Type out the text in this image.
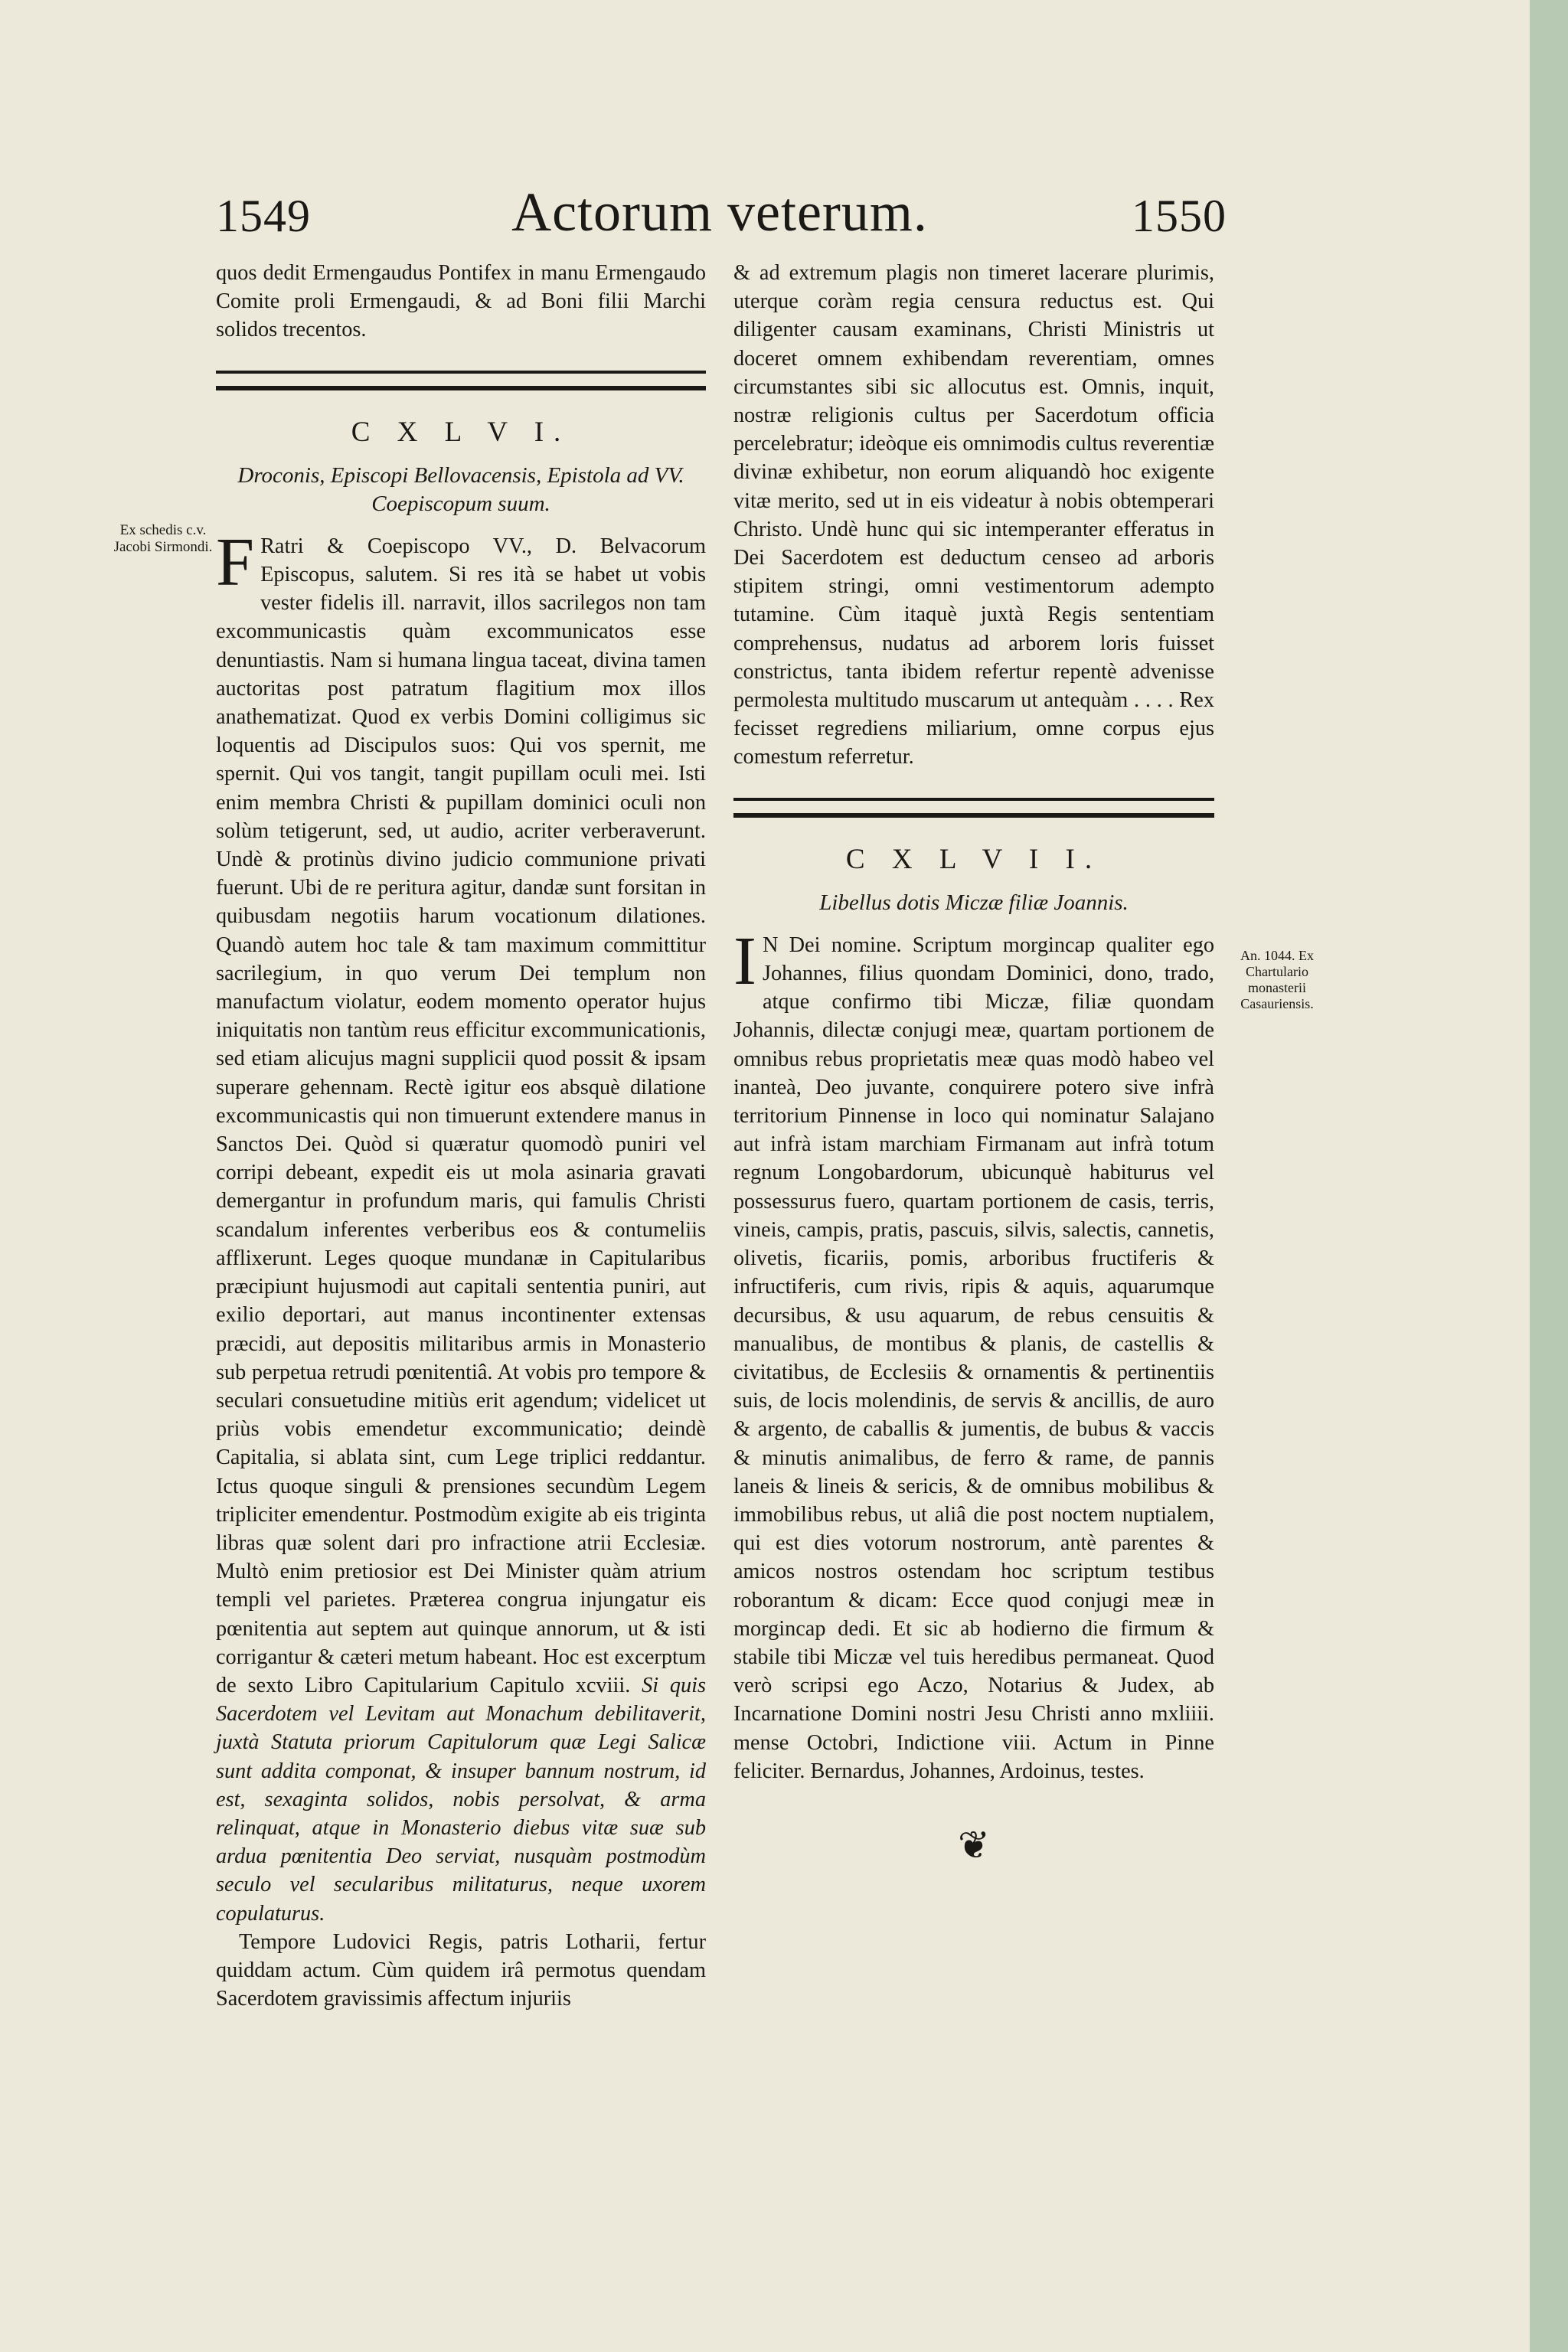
1549	Actorum veterum.	1550
Ex schedis c.v. Jacobi Sirmondi.
An. 1044. Ex Chartulario monasterii Casauriensis.

quos dedit Ermengaudus Pontifex in manu Ermengaudo Comite proli Ermengaudi, & ad Boni filii Marchi solidos trecentos.

C X L V I.
Droconis, Episcopi Bellovacensis, Epistola ad VV. Coepiscopum suum.

F Ratri & Coepiscopo VV., D. Belvacorum Episcopus, salutem. Si res ità se habet ut vobis vester fidelis ill. narravit, illos sacrilegos non tam excommunicastis quàm excommunicatos esse denuntiastis. Nam si humana lingua taceat, divina tamen auctoritas post patratum flagitium mox illos anathematizat. Quod ex verbis Domini colligimus sic loquentis ad Discipulos suos: Qui vos spernit, me spernit. Qui vos tangit, tangit pupillam oculi mei. Isti enim membra Christi & pupillam dominici oculi non solùm tetigerunt, sed, ut audio, acriter verberaverunt. Undè & protinùs divino judicio communione privati fuerunt. Ubi de re peritura agitur, dandæ sunt forsitan in quibusdam negotiis harum vocationum dilationes. Quandò autem hoc tale & tam maximum committitur sacrilegium, in quo verum Dei templum non manufactum violatur, eodem momento operator hujus iniquitatis non tantùm reus efficitur excommunicationis, sed etiam alicujus magni supplicii quod possit & ipsam superare gehennam. Rectè igitur eos absquè dilatione excommunicastis qui non timuerunt extendere manus in Sanctos Dei. Quòd si quæratur quomodò puniri vel corripi debeant, expedit eis ut mola asinaria gravati demergantur in profundum maris, qui famulis Christi scandalum inferentes verberibus eos & contumeliis afflixerunt. Leges quoque mundanæ in Capitularibus præcipiunt hujusmodi aut capitali sententia puniri, aut exilio deportari, aut manus incontinenter extensas præcidi, aut depositis militaribus armis in Monasterio sub perpetua retrudi pœnitentiâ. At vobis pro tempore & seculari consuetudine mitiùs erit agendum; videlicet ut priùs vobis emendetur excommunicatio; deindè Capitalia, si ablata sint, cum Lege triplici reddantur. Ictus quoque singuli & prensiones secundùm Legem tripliciter emendentur. Postmodùm exigite ab eis triginta libras quæ solent dari pro infractione atrii Ecclesiæ. Multò enim pretiosior est Dei Minister quàm atrium templi vel parietes. Præterea congrua injungatur eis pœnitentia aut septem aut quinque annorum, ut & isti corrigantur & cæteri metum habeant. Hoc est excerptum de sexto Libro Capitularium Capitulo xcviii. Si quis Sacerdotem vel Levitam aut Monachum debilitaverit, juxtà Statuta priorum Capitulorum quæ Legi Salicæ sunt addita componat, & insuper bannum nostrum, id est, sexaginta solidos, nobis persolvat, & arma relinquat, atque in Monasterio diebus vitæ suæ sub ardua pœnitentia Deo serviat, nusquàm postmodùm seculo vel secularibus militaturus, neque uxorem copulaturus.

Tempore Ludovici Regis, patris Lotharii, fertur quiddam actum. Cùm quidem irâ permotus quendam Sacerdotem gravissimis affectum injuriis

& ad extremum plagis non timeret lacerare plurimis, uterque coràm regia censura reductus est. Qui diligenter causam examinans, Christi Ministris ut doceret omnem exhibendam reverentiam, omnes circumstantes sibi sic allocutus est. Omnis, inquit, nostræ religionis cultus per Sacerdotum officia percelebratur; ideòque eis omnimodis cultus reverentiæ divinæ exhibetur, non eorum aliquandò hoc exigente vitæ merito, sed ut in eis videatur à nobis obtemperari Christo. Undè hunc qui sic intemperanter efferatus in Dei Sacerdotem est deductum censeo ad arboris stipitem stringi, omni vestimentorum adempto tutamine. Cùm itaquè juxtà Regis sententiam comprehensus, nudatus ad arborem loris fuisset constrictus, tanta ibidem refertur repentè advenisse permolesta multitudo muscarum ut antequàm . . . . Rex fecisset regrediens miliarium, omne corpus ejus comestum referretur.

C X L V I I.
Libellus dotis Miczæ filiæ Joannis.

I N Dei nomine. Scriptum morgincap qualiter ego Johannes, filius quondam Dominici, dono, trado, atque confirmo tibi Miczæ, filiæ quondam Johannis, dilectæ conjugi meæ, quartam portionem de omnibus rebus proprietatis meæ quas modò habeo vel inanteà, Deo juvante, conquirere potero sive infrà territorium Pinnense in loco qui nominatur Salajano aut infrà istam marchiam Firmanam aut infrà totum regnum Longobardorum, ubicunquè habiturus vel possessurus fuero, quartam portionem de casis, terris, vineis, campis, pratis, pascuis, silvis, salectis, cannetis, olivetis, ficariis, pomis, arboribus fructiferis & infructiferis, cum rivis, ripis & aquis, aquarumque decursibus, & usu aquarum, de rebus censuitis & manualibus, de montibus & planis, de castellis & civitatibus, de Ecclesiis & ornamentis & pertinentiis suis, de locis molendinis, de servis & ancillis, de auro & argento, de caballis & jumentis, de bubus & vaccis & minutis animalibus, de ferro & rame, de pannis laneis & lineis & sericis, & de omnibus mobilibus & immobilibus rebus, ut aliâ die post noctem nuptialem, qui est dies votorum nostrorum, antè parentes & amicos nostros ostendam hoc scriptum testibus roborantum & dicam: Ecce quod conjugi meæ in morgincap dedi. Et sic ab hodierno die firmum & stabile tibi Miczæ vel tuis heredibus permaneat. Quod verò scripsi ego Aczo, Notarius & Judex, ab Incarnatione Domini nostri Jesu Christi anno mxliiii. mense Octobri, Indictione viii. Actum in Pinne feliciter. Bernardus, Johannes, Ardoinus, testes.

❦
